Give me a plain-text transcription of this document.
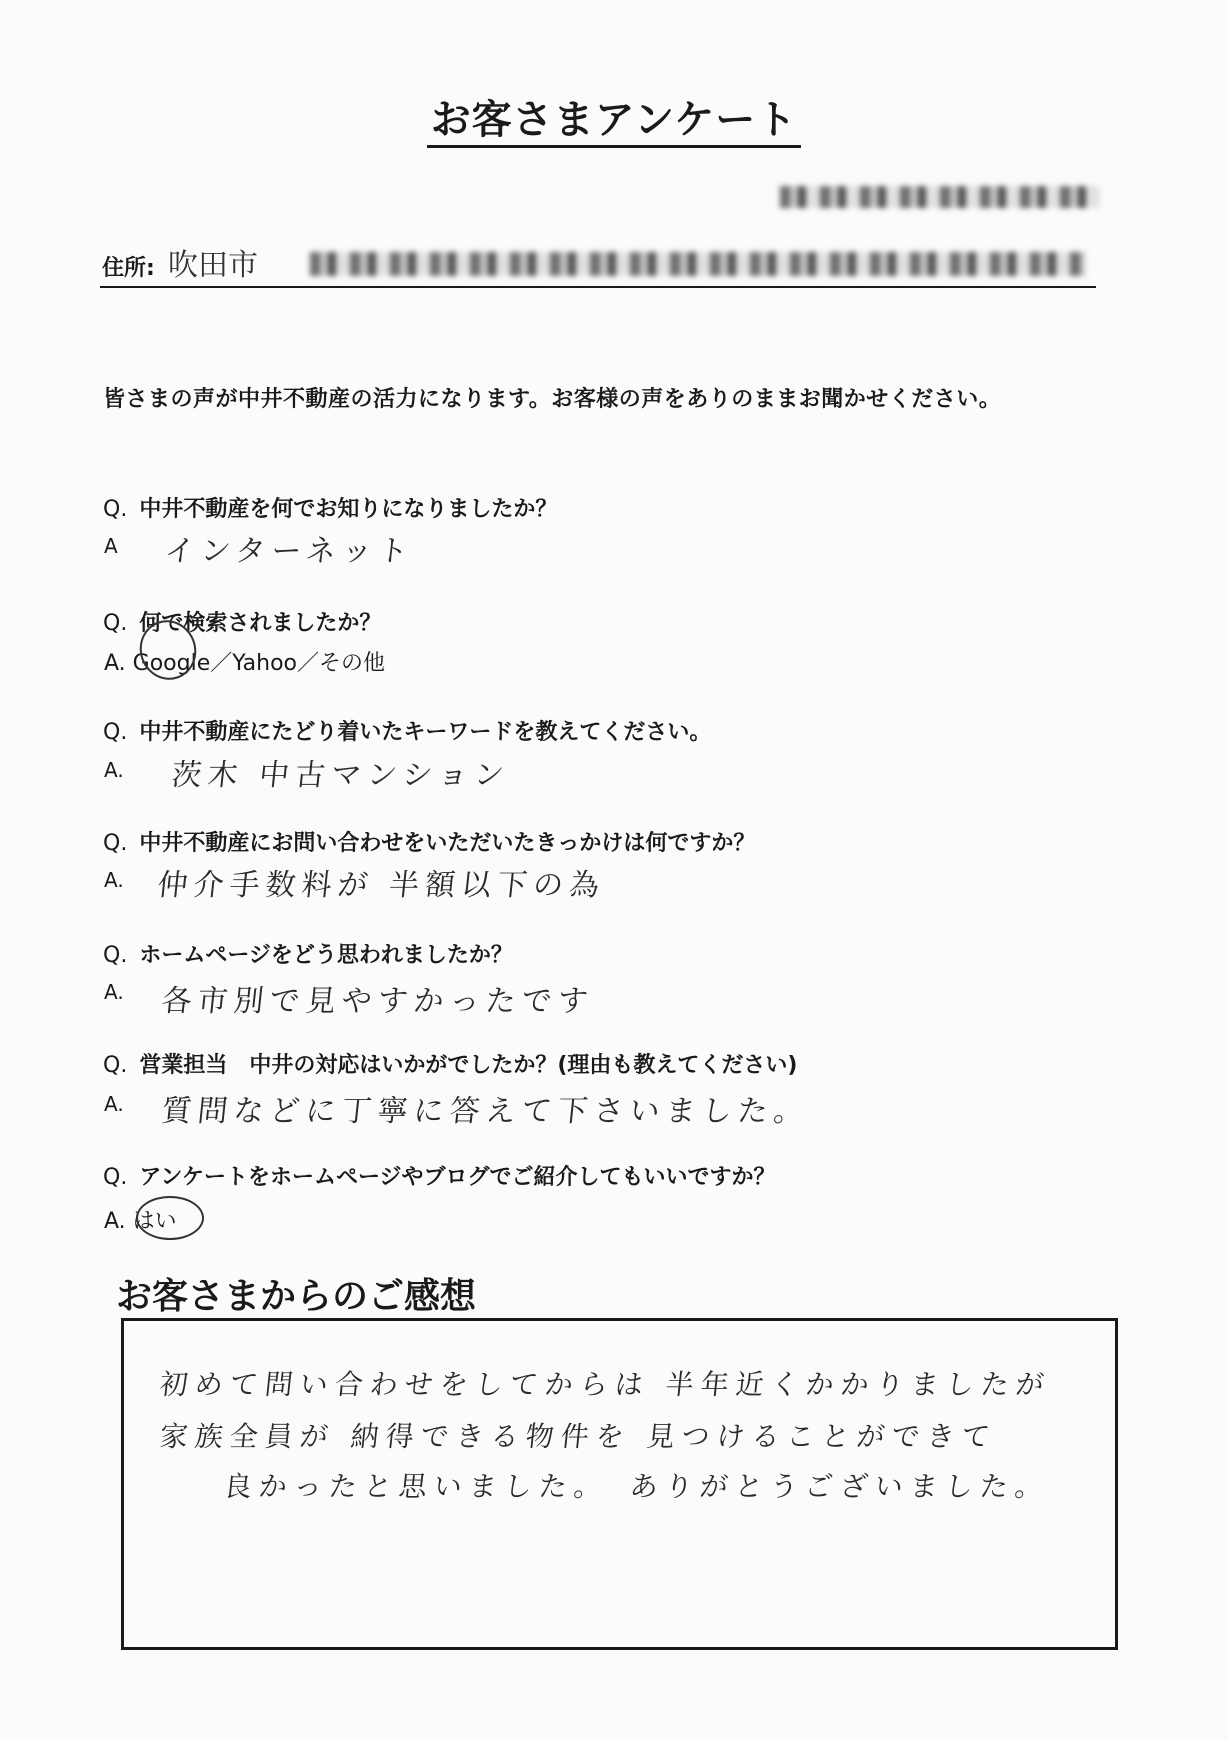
お客さまアンケート
住所: 吹田市
皆さまの声が中井不動産の活力になります。お客様の声をありのままお聞かせください。
Q. 中井不動産を何でお知りになりましたか？
A インターネット
Q. 何で検索されましたか？
A. Google／Yahoo／その他
Q. 中井不動産にたどり着いたキーワードを教えてください。
A. 茨木 中古マンション
Q. 中井不動産にお問い合わせをいただいたきっかけは何ですか？
A. 仲介手数料が 半額以下の為
Q. ホームページをどう思われましたか？
A. 各市別で見やすかったです
Q. 営業担当　中井の対応はいかがでしたか？(理由も教えてください)
A. 質問などに丁寧に答えて下さいました。
Q. アンケートをホームページやブログでご紹介してもいいですか？
A. はい
お客さまからのご感想
初めて問い合わせをしてからは 半年近くかかりましたが
家族全員が 納得できる物件を 見つけることができて
良かったと思いました。　ありがとうございました。
